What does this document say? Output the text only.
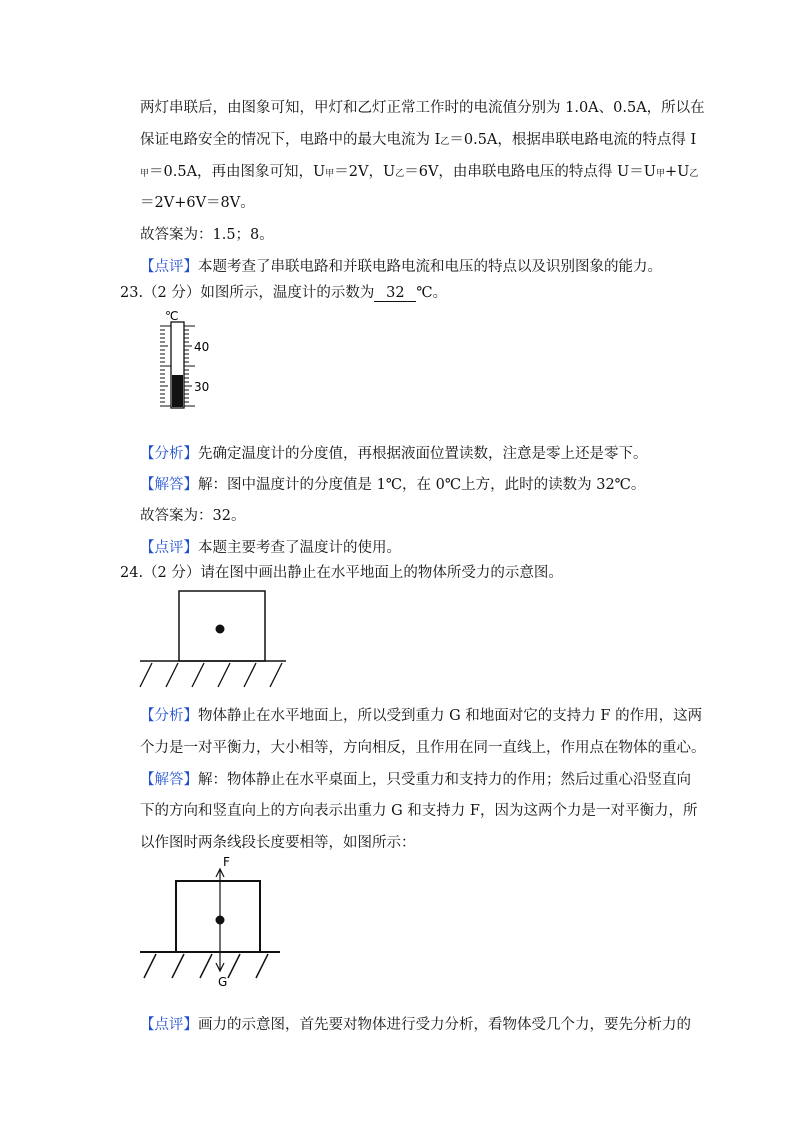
两灯串联后，由图象可知，甲灯和乙灯正常工作时的电流值分别为 1.0A、0.5A，所以在
保证电路安全的情况下，电路中的最大电流为 I乙＝0.5A，根据串联电路电流的特点得 I
甲＝0.5A，再由图象可知，U甲＝2V，U乙＝6V，由串联电路电压的特点得 U＝U甲+U乙
＝2V+6V＝8V。
故答案为：1.5；8。
【点评】本题考查了串联电路和并联电路电流和电压的特点以及识别图象的能力。
23.（2 分）如图所示，温度计的示数为 32 ℃。
℃
40
30
【分析】先确定温度计的分度值，再根据液面位置读数，注意是零上还是零下。
【解答】解：图中温度计的分度值是 1℃，在 0℃上方，此时的读数为 32℃。
故答案为：32。
【点评】本题主要考查了温度计的使用。
24.（2 分）请在图中画出静止在水平地面上的物体所受力的示意图。
【分析】物体静止在水平地面上，所以受到重力 G 和地面对它的支持力 F 的作用，这两
个力是一对平衡力，大小相等，方向相反，且作用在同一直线上，作用点在物体的重心。
【解答】解：物体静止在水平桌面上，只受重力和支持力的作用；然后过重心沿竖直向
下的方向和竖直向上的方向表示出重力 G 和支持力 F，因为这两个力是一对平衡力，所
以作图时两条线段长度要相等，如图所示：
F
G
【点评】画力的示意图，首先要对物体进行受力分析，看物体受几个力，要先分析力的
